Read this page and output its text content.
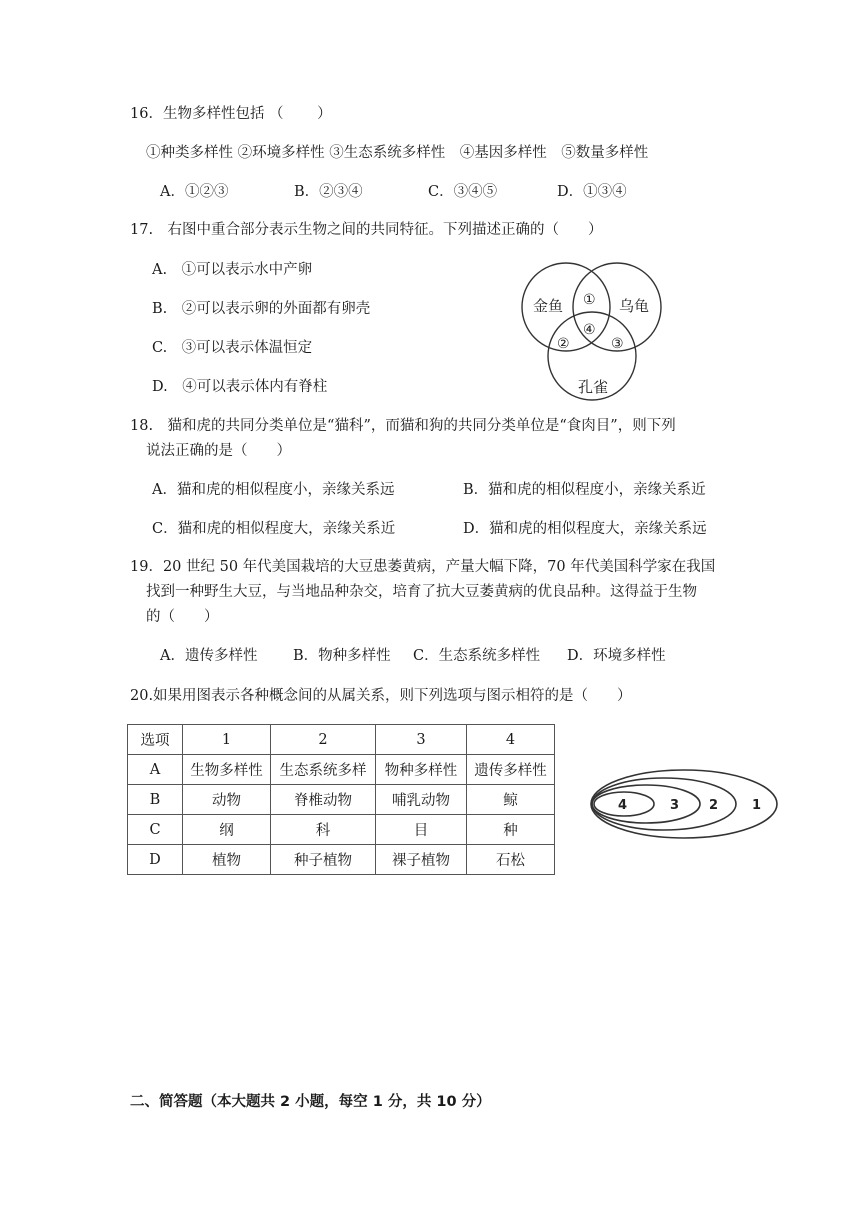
16．生物多样性包括 （　　 ）
①种类多样性 ②环境多样性 ③生态系统多样性　④基因多样性　⑤数量多样性
A．①②③	B．②③④	C．③④⑤	D．①③④
17.　右图中重合部分表示生物之间的共同特征。下列描述正确的（　　）
A.　①可以表示水中产卵
B.　②可以表示卵的外面都有卵壳
C.　③可以表示体温恒定
D.　④可以表示体内有脊柱
金鱼	乌龟
孔雀
①
②	③
④
18.　猫和虎的共同分类单位是“猫科”，而猫和狗的共同分类单位是“食肉目”，则下列
说法正确的是（　　）
A．猫和虎的相似程度小，亲缘关系远	B．猫和虎的相似程度小，亲缘关系近
C．猫和虎的相似程度大，亲缘关系近	D．猫和虎的相似程度大，亲缘关系远
19．20 世纪 50 年代美国栽培的大豆患萎黄病，产量大幅下降，70 年代美国科学家在我国
找到一种野生大豆，与当地品种杂交，培育了抗大豆萎黄病的优良品种。这得益于生物
的（　　）
A．遗传多样性 B．物种多样性 C．生态系统多样性 D．环境多样性
20.如果用图表示各种概念间的从属关系，则下列选项与图示相符的是（　　）
选项	1	2	3	4
A	生物多样性	生态系统多样	物种多样性	遗传多样性
B	动物	脊椎动物	哺乳动物	鲸
C	纲	科	目	种
D	植物	种子植物	裸子植物	石松
4	3 2	1
二、简答题（本大题共 2 小题，每空 1 分，共 10 分）
